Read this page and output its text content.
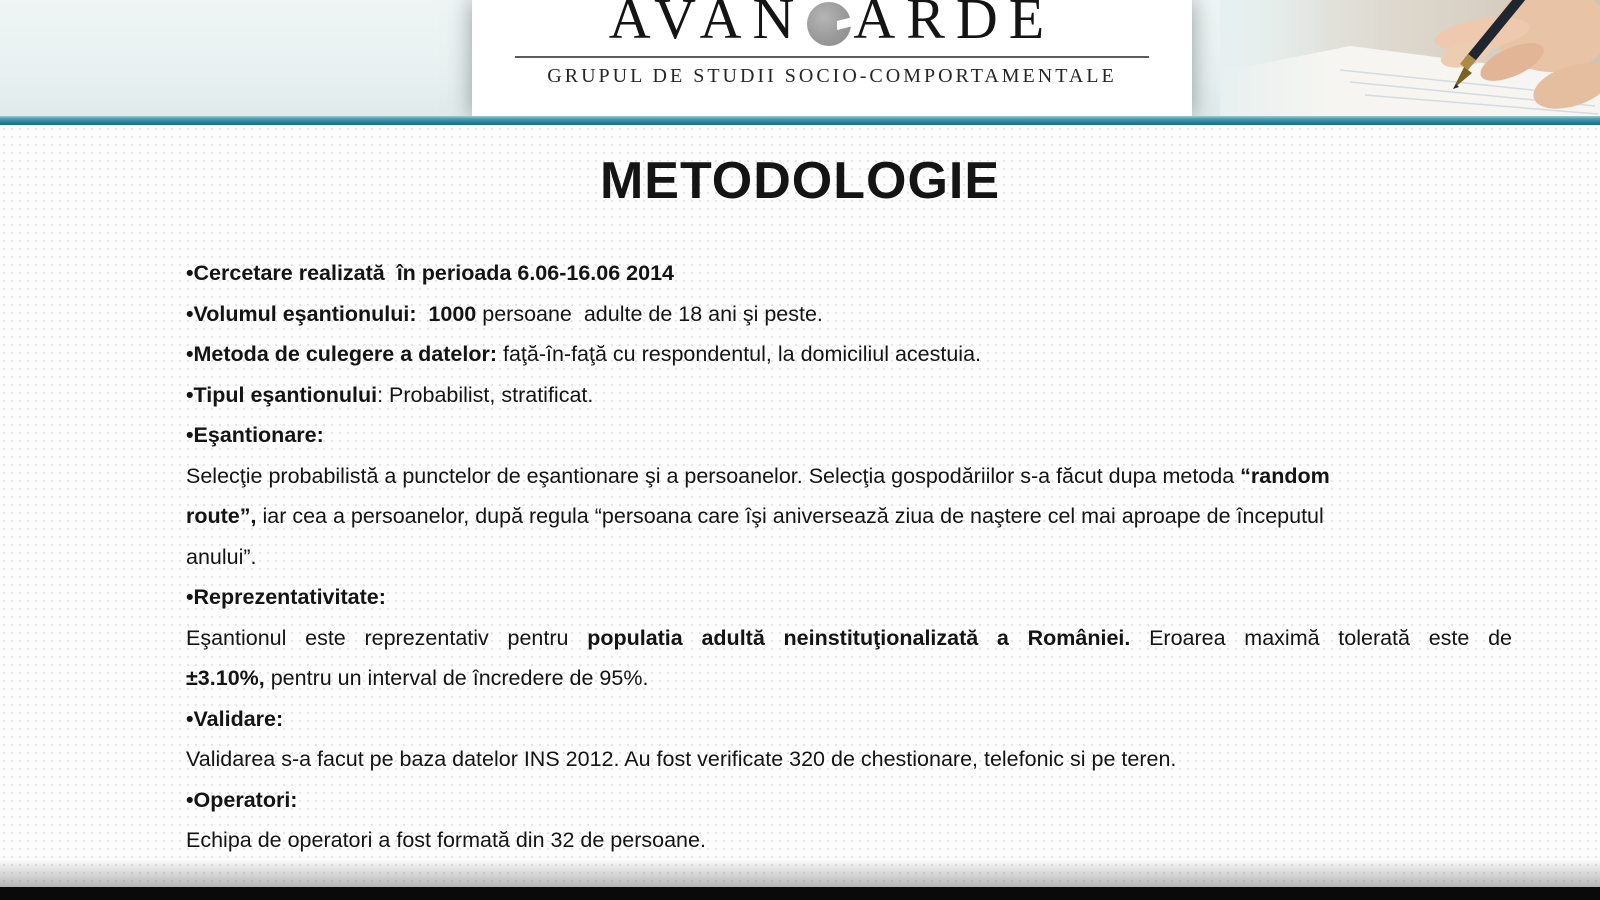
AVAN ARDE
GRUPUL DE STUDII SOCIO-COMPORTAMENTALE
METODOLOGIE
•Cercetare realizată  în perioada 6.06-16.06 2014
•Volumul eşantionului:  1000 persoane  adulte de 18 ani şi peste.
•Metoda de culegere a datelor: faţă-în-faţă cu respondentul, la domiciliul acestuia.
•Tipul eşantionului: Probabilist, stratificat.
•Eşantionare:
Selecţie probabilistă a punctelor de eşantionare şi a persoanelor. Selecţia gospodăriilor s-a făcut dupa metoda “random
route”, iar cea a persoanelor, după regula “persoana care îşi aniversează ziua de naştere cel mai aproape de începutul
anului”.
•Reprezentativitate:
Eşantionul este reprezentativ pentru populatia adultă neinstituţionalizată a României. Eroarea maximă tolerată este de
±3.10%, pentru un interval de încredere de 95%.
•Validare:
Validarea s-a facut pe baza datelor INS 2012. Au fost verificate 320 de chestionare, telefonic si pe teren.
•Operatori:
Echipa de operatori a fost formată din 32 de persoane.
